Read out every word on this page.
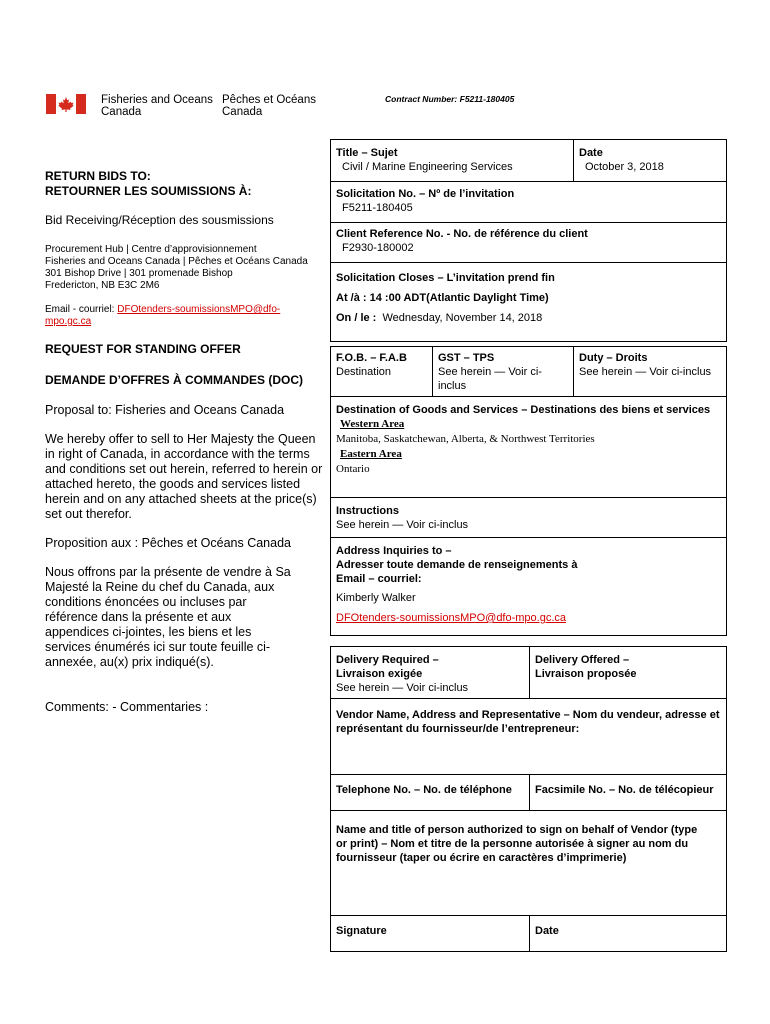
Fisheries and Oceans
Canada
Pêches et Océans
Canada
Contract Number: F5211-180405
RETURN BIDS TO:
RETOURNER LES SOUMISSIONS À:
Bid Receiving/Réception des sousmissions
Procurement Hub | Centre d’approvisionnement
Fisheries and Oceans Canada | Pêches et Océans Canada
301 Bishop Drive | 301 promenade Bishop
Fredericton, NB E3C 2M6
Email - courriel: DFOtenders-soumissionsMPO@dfo-
mpo.gc.ca
REQUEST FOR STANDING OFFER
DEMANDE D’OFFRES À COMMANDES (DOC)
Proposal to: Fisheries and Oceans Canada
We hereby offer to sell to Her Majesty the Queen in right of Canada, in accordance with the terms and conditions set out herein, referred to herein or attached hereto, the goods and services listed herein and on any attached sheets at the price(s) set out therefor.
Proposition aux : Pêches et Océans Canada
Nous offrons par la présente de vendre à Sa Majesté la Reine du chef du Canada, aux conditions énoncées ou incluses par référence dans la présente et aux appendices ci-jointes, les biens et les services énumérés ici sur toute feuille ci-annexée, au(x) prix indiqué(s).
Comments: - Commentaries :
Title – Sujet
Civil / Marine Engineering Services
Date
October 3, 2018
Solicitation No. – Nº de l’invitation
F5211-180405
Client Reference No. - No. de référence du client
F2930-180002
Solicitation Closes – L’invitation prend fin
At /à : 14 :00 ADT(Atlantic Daylight Time)
On / le : Wednesday, November 14, 2018
F.O.B. – F.A.B
Destination
GST – TPS
See herein — Voir ci-inclus
Duty – Droits
See herein — Voir ci-inclus
Destination of Goods and Services – Destinations des biens et services
Western Area
Manitoba, Saskatchewan, Alberta, & Northwest Territories
Eastern Area
Ontario
Instructions
See herein — Voir ci-inclus
Address Inquiries to –
Adresser toute demande de renseignements à
Email – courriel:
Kimberly Walker
DFOtenders-soumissionsMPO@dfo-mpo.gc.ca
Delivery Required –
Livraison exigée
See herein — Voir ci-inclus
Delivery Offered –
Livraison proposée
Vendor Name, Address and Representative – Nom du vendeur, adresse et représentant du fournisseur/de l’entrepreneur:
Telephone No. – No. de téléphone	Facsimile No. – No. de télécopieur
Name and title of person authorized to sign on behalf of Vendor (type or print) – Nom et titre de la personne autorisée à signer au nom du fournisseur (taper ou écrire en caractères d’imprimerie)
Signature	Date
